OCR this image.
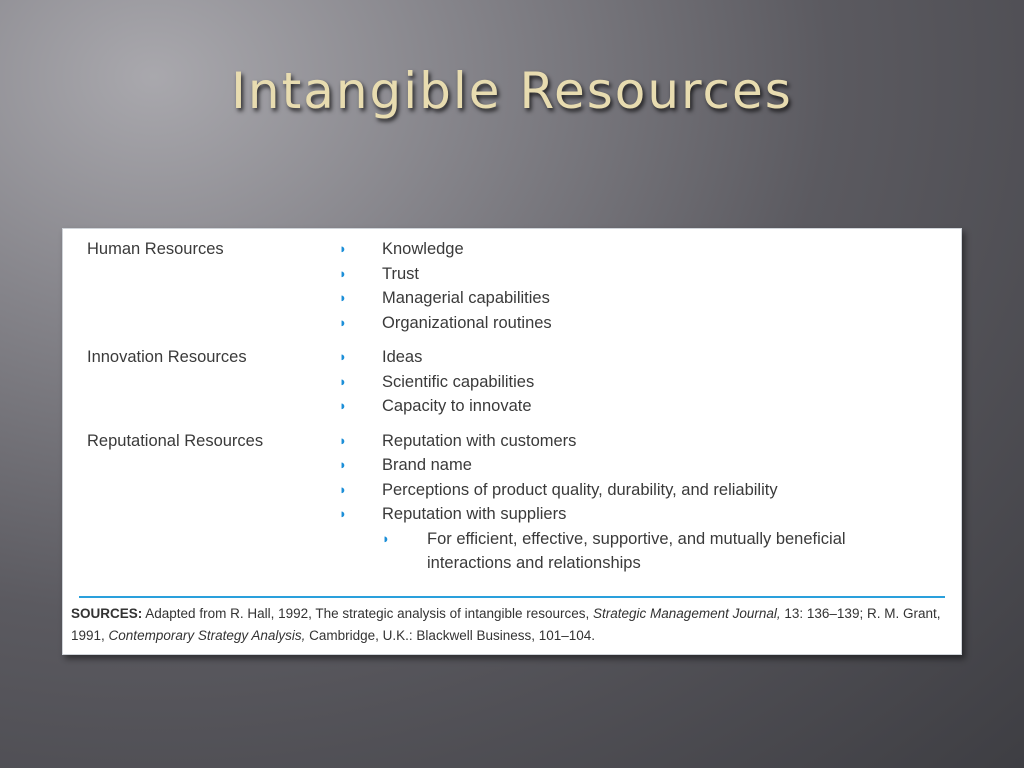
Intangible Resources
Human Resources	◗	Knowledge
◗	Trust
◗	Managerial capabilities
◗	Organizational routines
Innovation Resources	◗	Ideas
◗	Scientific capabilities
◗	Capacity to innovate
Reputational Resources	◗	Reputation with customers
◗	Brand name
◗	Perceptions of product quality, durability, and reliability
◗	Reputation with suppliers
◗	For efficient, effective, supportive, and mutually beneficial
interactions and relationships
SOURCES: Adapted from R. Hall, 1992, The strategic analysis of intangible resources, Strategic Management Journal, 13: 136–139; R. M. Grant, 1991, Contemporary Strategy Analysis, Cambridge, U.K.: Blackwell Business, 101–104.
